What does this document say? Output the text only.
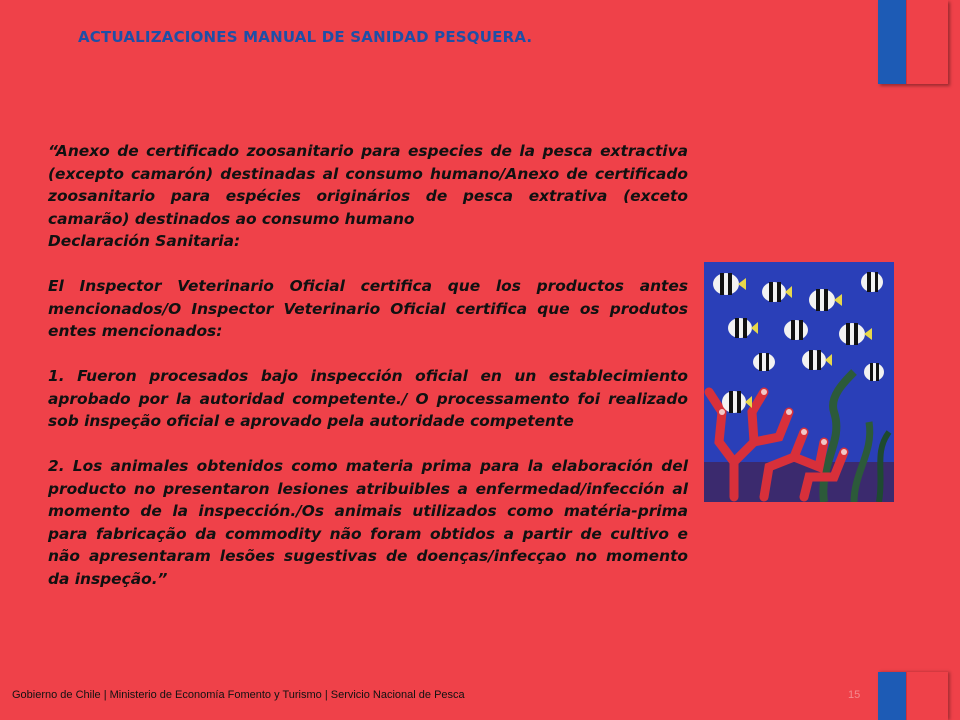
ACTUALIZACIONES MANUAL DE SANIDAD PESQUERA.

“Anexo de certificado zoosanitario para especies de la pesca extractiva (excepto camarón) destinadas al consumo humano/Anexo de certificado zoosanitario para espécies originários de pesca extrativa (exceto camarão) destinados ao consumo humano

Declaración Sanitaria:

El Inspector Veterinario Oficial certifica que los productos antes mencionados/O Inspector Veterinario Oficial certifica que os produtos entes mencionados:

1. Fueron procesados bajo inspección oficial en un establecimiento aprobado por la autoridad competente./ O processamento foi realizado sob inspeção oficial e aprovado pela autoridade competente

2. Los animales obtenidos como materia prima para la elaboración del producto no presentaron lesiones atribuibles a enfermedad/infección al momento de la inspección./Os animais utilizados como matéria-prima para fabricação da commodity não foram obtidos a partir de cultivo e não apresentaram lesões sugestivas de doenças/infecçao no momento da inspeção.”

Gobierno de Chile | Ministerio de Economía Fomento y Turismo | Servicio Nacional de Pesca	15
